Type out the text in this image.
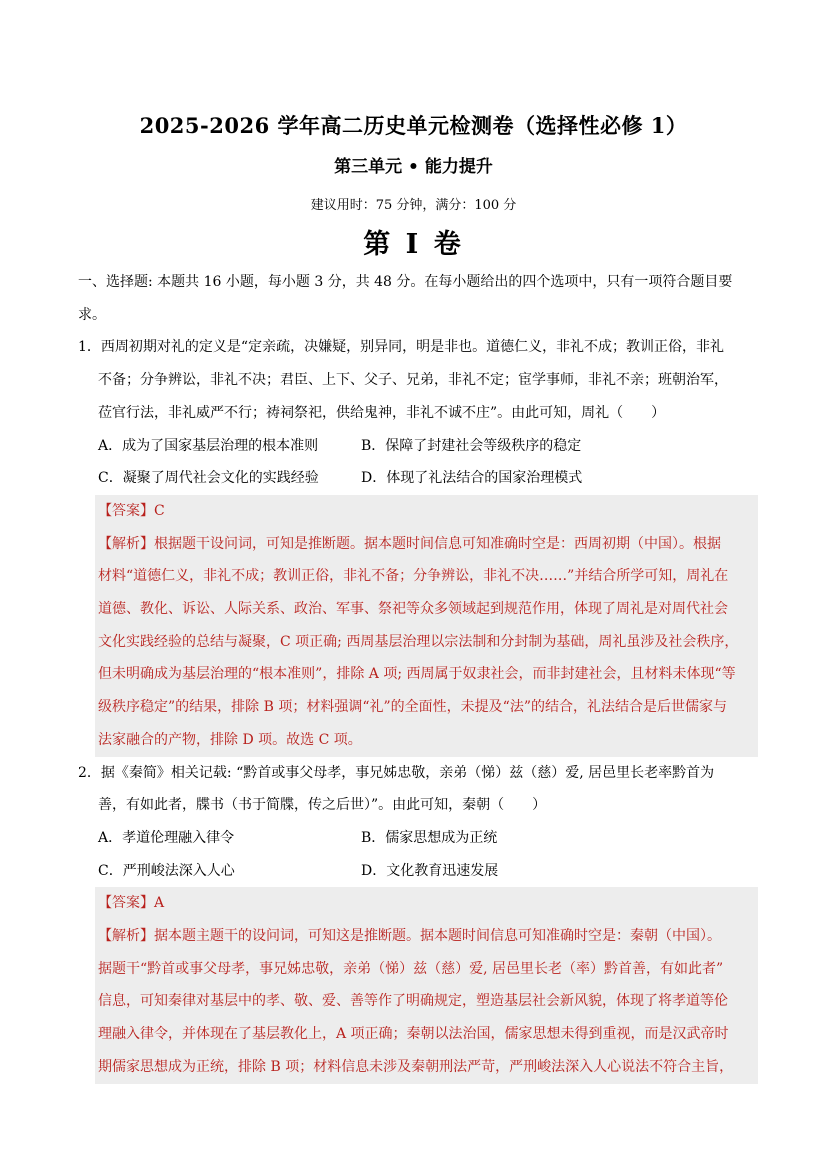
2025-2026 学年高二历史单元检测卷（选择性必修 1）
第三单元 • 能力提升
建议用时：75 分钟，满分：100 分
第 I 卷
一、选择题: 本题共 16 小题，每小题 3 分，共 48 分。在每小题给出的四个选项中，只有一项符合题目要
求。
1．西周初期对礼的定义是“定亲疏，决嫌疑，别异同，明是非也。道德仁义，非礼不成；教训正俗，非礼
不备；分争辨讼，非礼不决；君臣、上下、父子、兄弟，非礼不定；宦学事师，非礼不亲；班朝治军，
莅官行法，非礼威严不行；祷祠祭祀，供给鬼神，非礼不诚不庄”。由此可知，周礼（　　）
A．成为了国家基层治理的根本准则	B．保障了封建社会等级秩序的稳定
C．凝聚了周代社会文化的实践经验	D．体现了礼法结合的国家治理模式
【答案】C
【解析】根据题干设问词，可知是推断题。据本题时间信息可知准确时空是：西周初期（中国）。根据
材料“道德仁义，非礼不成；教训正俗，非礼不备；分争辨讼，非礼不决……”并结合所学可知，周礼在
道德、教化、诉讼、人际关系、政治、军事、祭祀等众多领域起到规范作用，体现了周礼是对周代社会
文化实践经验的总结与凝聚，C 项正确; 西周基层治理以宗法制和分封制为基础，周礼虽涉及社会秩序，
但未明确成为基层治理的“根本准则”，排除 A 项; 西周属于奴隶社会，而非封建社会，且材料未体现“等
级秩序稳定”的结果，排除 B 项；材料强调“礼”的全面性，未提及“法”的结合，礼法结合是后世儒家与
法家融合的产物，排除 D 项。故选 C 项。
2．据《秦简》相关记载: “黔首或事父母孝，事兄姊忠敬，亲弟（悌）兹（慈）爱, 居邑里长老率黔首为
善，有如此者，牒书（书于简牒，传之后世）”。由此可知，秦朝（　　）
A．孝道伦理融入律令	B．儒家思想成为正统
C．严刑峻法深入人心	D．文化教育迅速发展
【答案】A
【解析】据本题主题干的设问词，可知这是推断题。据本题时间信息可知准确时空是：秦朝（中国）。
据题干“黔首或事父母孝，事兄姊忠敬，亲弟（悌）兹（慈）爱, 居邑里长老（率）黔首善，有如此者”
信息，可知秦律对基层中的孝、敬、爱、善等作了明确规定，塑造基层社会新风貌，体现了将孝道等伦
理融入律令，并体现在了基层教化上，A 项正确；秦朝以法治国，儒家思想未得到重视，而是汉武帝时
期儒家思想成为正统，排除 B 项；材料信息未涉及秦朝刑法严苛，严刑峻法深入人心说法不符合主旨，
